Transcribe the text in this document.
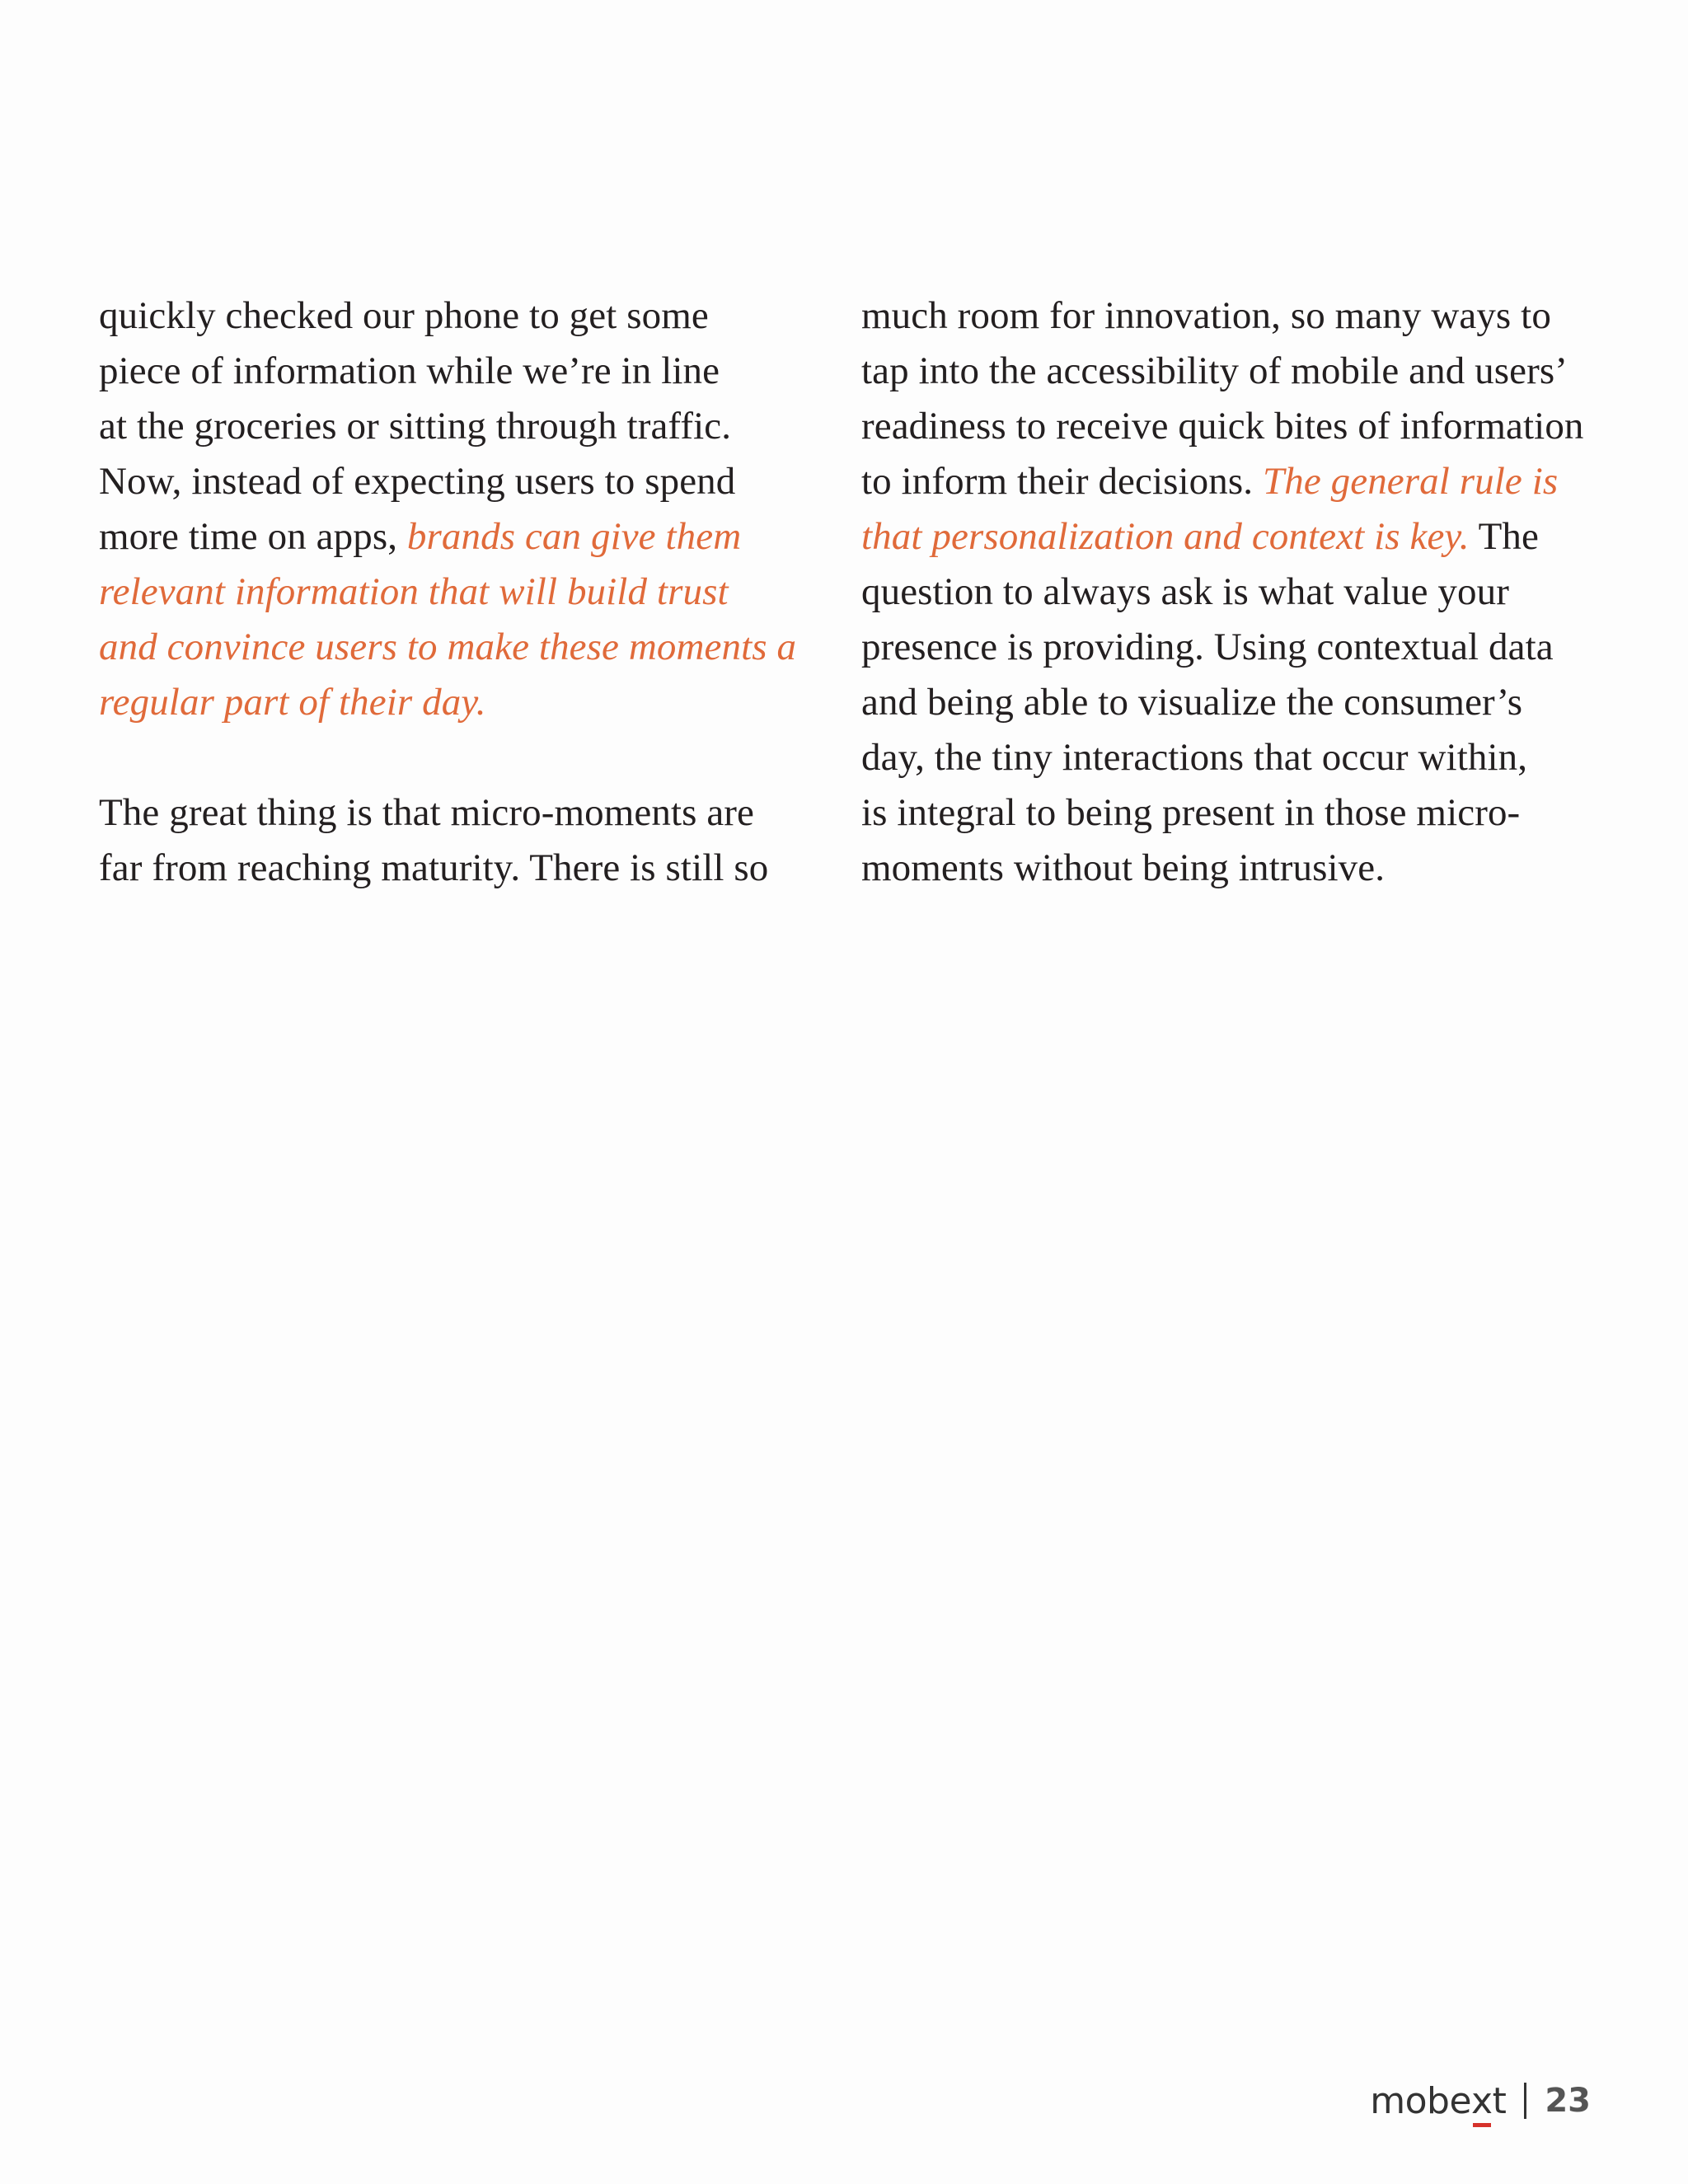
quickly checked our phone to get some
piece of information while we’re in line
at the groceries or sitting through traffic.
Now, instead of expecting users to spend
more time on apps, brands can give them
relevant information that will build trust
and convince users to make these moments a
regular part of their day.
The great thing is that micro-moments are
far from reaching maturity. There is still so
much room for innovation, so many ways to
tap into the accessibility of mobile and users’
readiness to receive quick bites of information
to inform their decisions. The general rule is
that personalization and context is key. The
question to always ask is what value your
presence is providing. Using contextual data
and being able to visualize the consumer’s
day, the tiny interactions that occur within,
is integral to being present in those micro-
moments without being intrusive.
mobext 23
